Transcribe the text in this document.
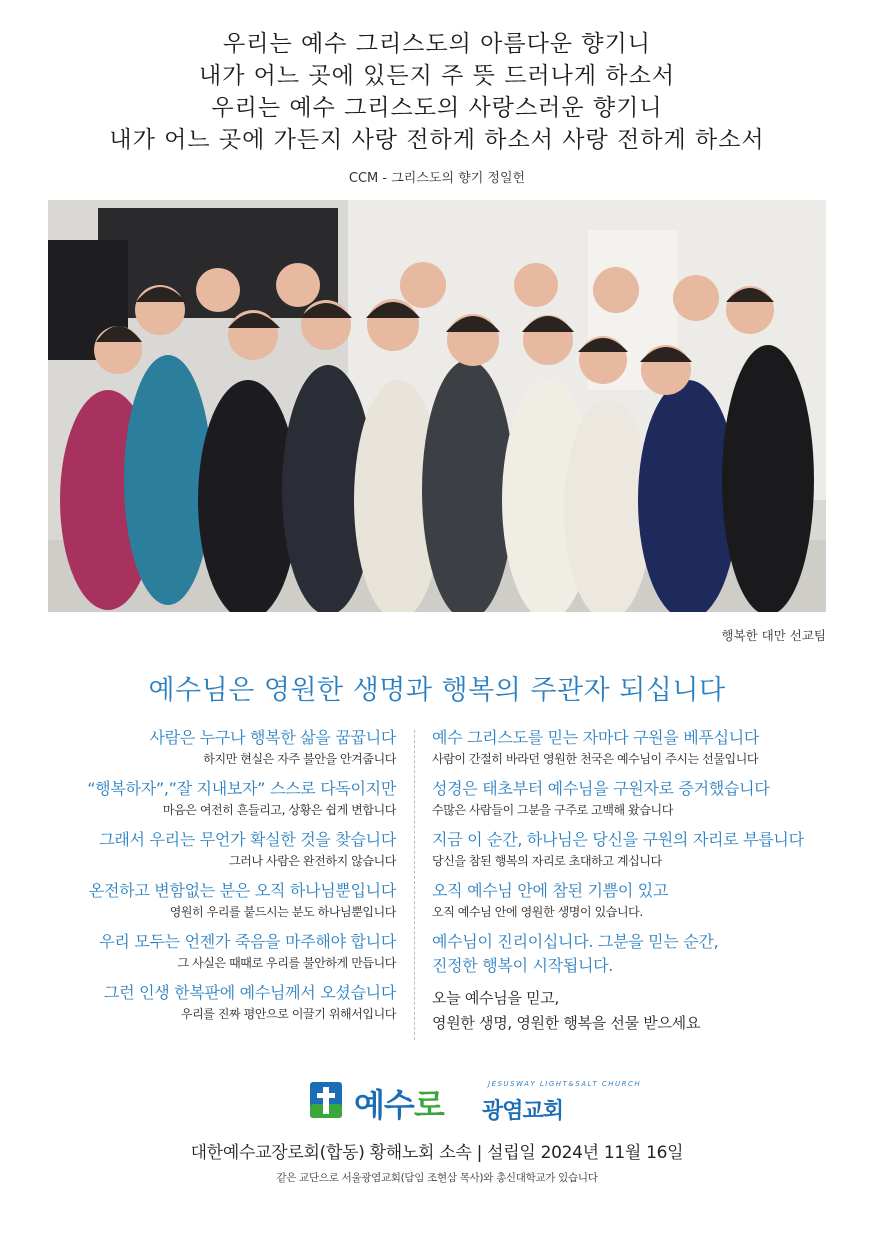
우리는 예수 그리스도의 아름다운 향기니
내가 어느 곳에 있든지 주 뜻 드러나게 하소서
우리는 예수 그리스도의 사랑스러운 향기니
내가 어느 곳에 가든지 사랑 전하게 하소서 사랑 전하게 하소서
CCM - 그리스도의 향기 정일헌
행복한 대만 선교팀
예수님은 영원한 생명과 행복의 주관자 되십니다
사람은 누구나 행복한 삶을 꿈꿉니다
하지만 현실은 자주 불안을 안겨줍니다
“행복하자”,”잘 지내보자” 스스로 다독이지만
마음은 여전히 흔들리고, 상황은 쉽게 변합니다
그래서 우리는 무언가 확실한 것을 찾습니다
그러나 사람은 완전하지 않습니다
온전하고 변함없는 분은 오직 하나님뿐입니다
영원히 우리를 붙드시는 분도 하나님뿐입니다
우리 모두는 언젠가 죽음을 마주해야 합니다
그 사실은 때때로 우리를 불안하게 만듭니다
그런 인생 한복판에 예수님께서 오셨습니다
우리를 진짜 평안으로 이끌기 위해서입니다
예수 그리스도를 믿는 자마다 구원을 베푸십니다
사람이 간절히 바라던 영원한 천국은 예수님이 주시는 선물입니다
성경은 태초부터 예수님을 구원자로 증거했습니다
수많은 사람들이 그분을 구주로 고백해 왔습니다
지금 이 순간, 하나님은 당신을 구원의 자리로 부릅니다
당신을 참된 행복의 자리로 초대하고 계십니다
오직 예수님 안에 참된 기쁨이 있고
오직 예수님 안에 영원한 생명이 있습니다.
예수님이 진리이십니다. 그분을 믿는 순간,
진정한 행복이 시작됩니다.
오늘 예수님을 믿고,
영원한 생명, 영원한 행복을 선물 받으세요
예수로
JESUSWAY LIGHT&SALT CHURCH
광염교회
대한예수교장로회(합동) 황해노회 소속 | 설립일 2024년 11월 16일
같은 교단으로 서울광염교회(담임 조현삼 목사)와 총신대학교가 있습니다
